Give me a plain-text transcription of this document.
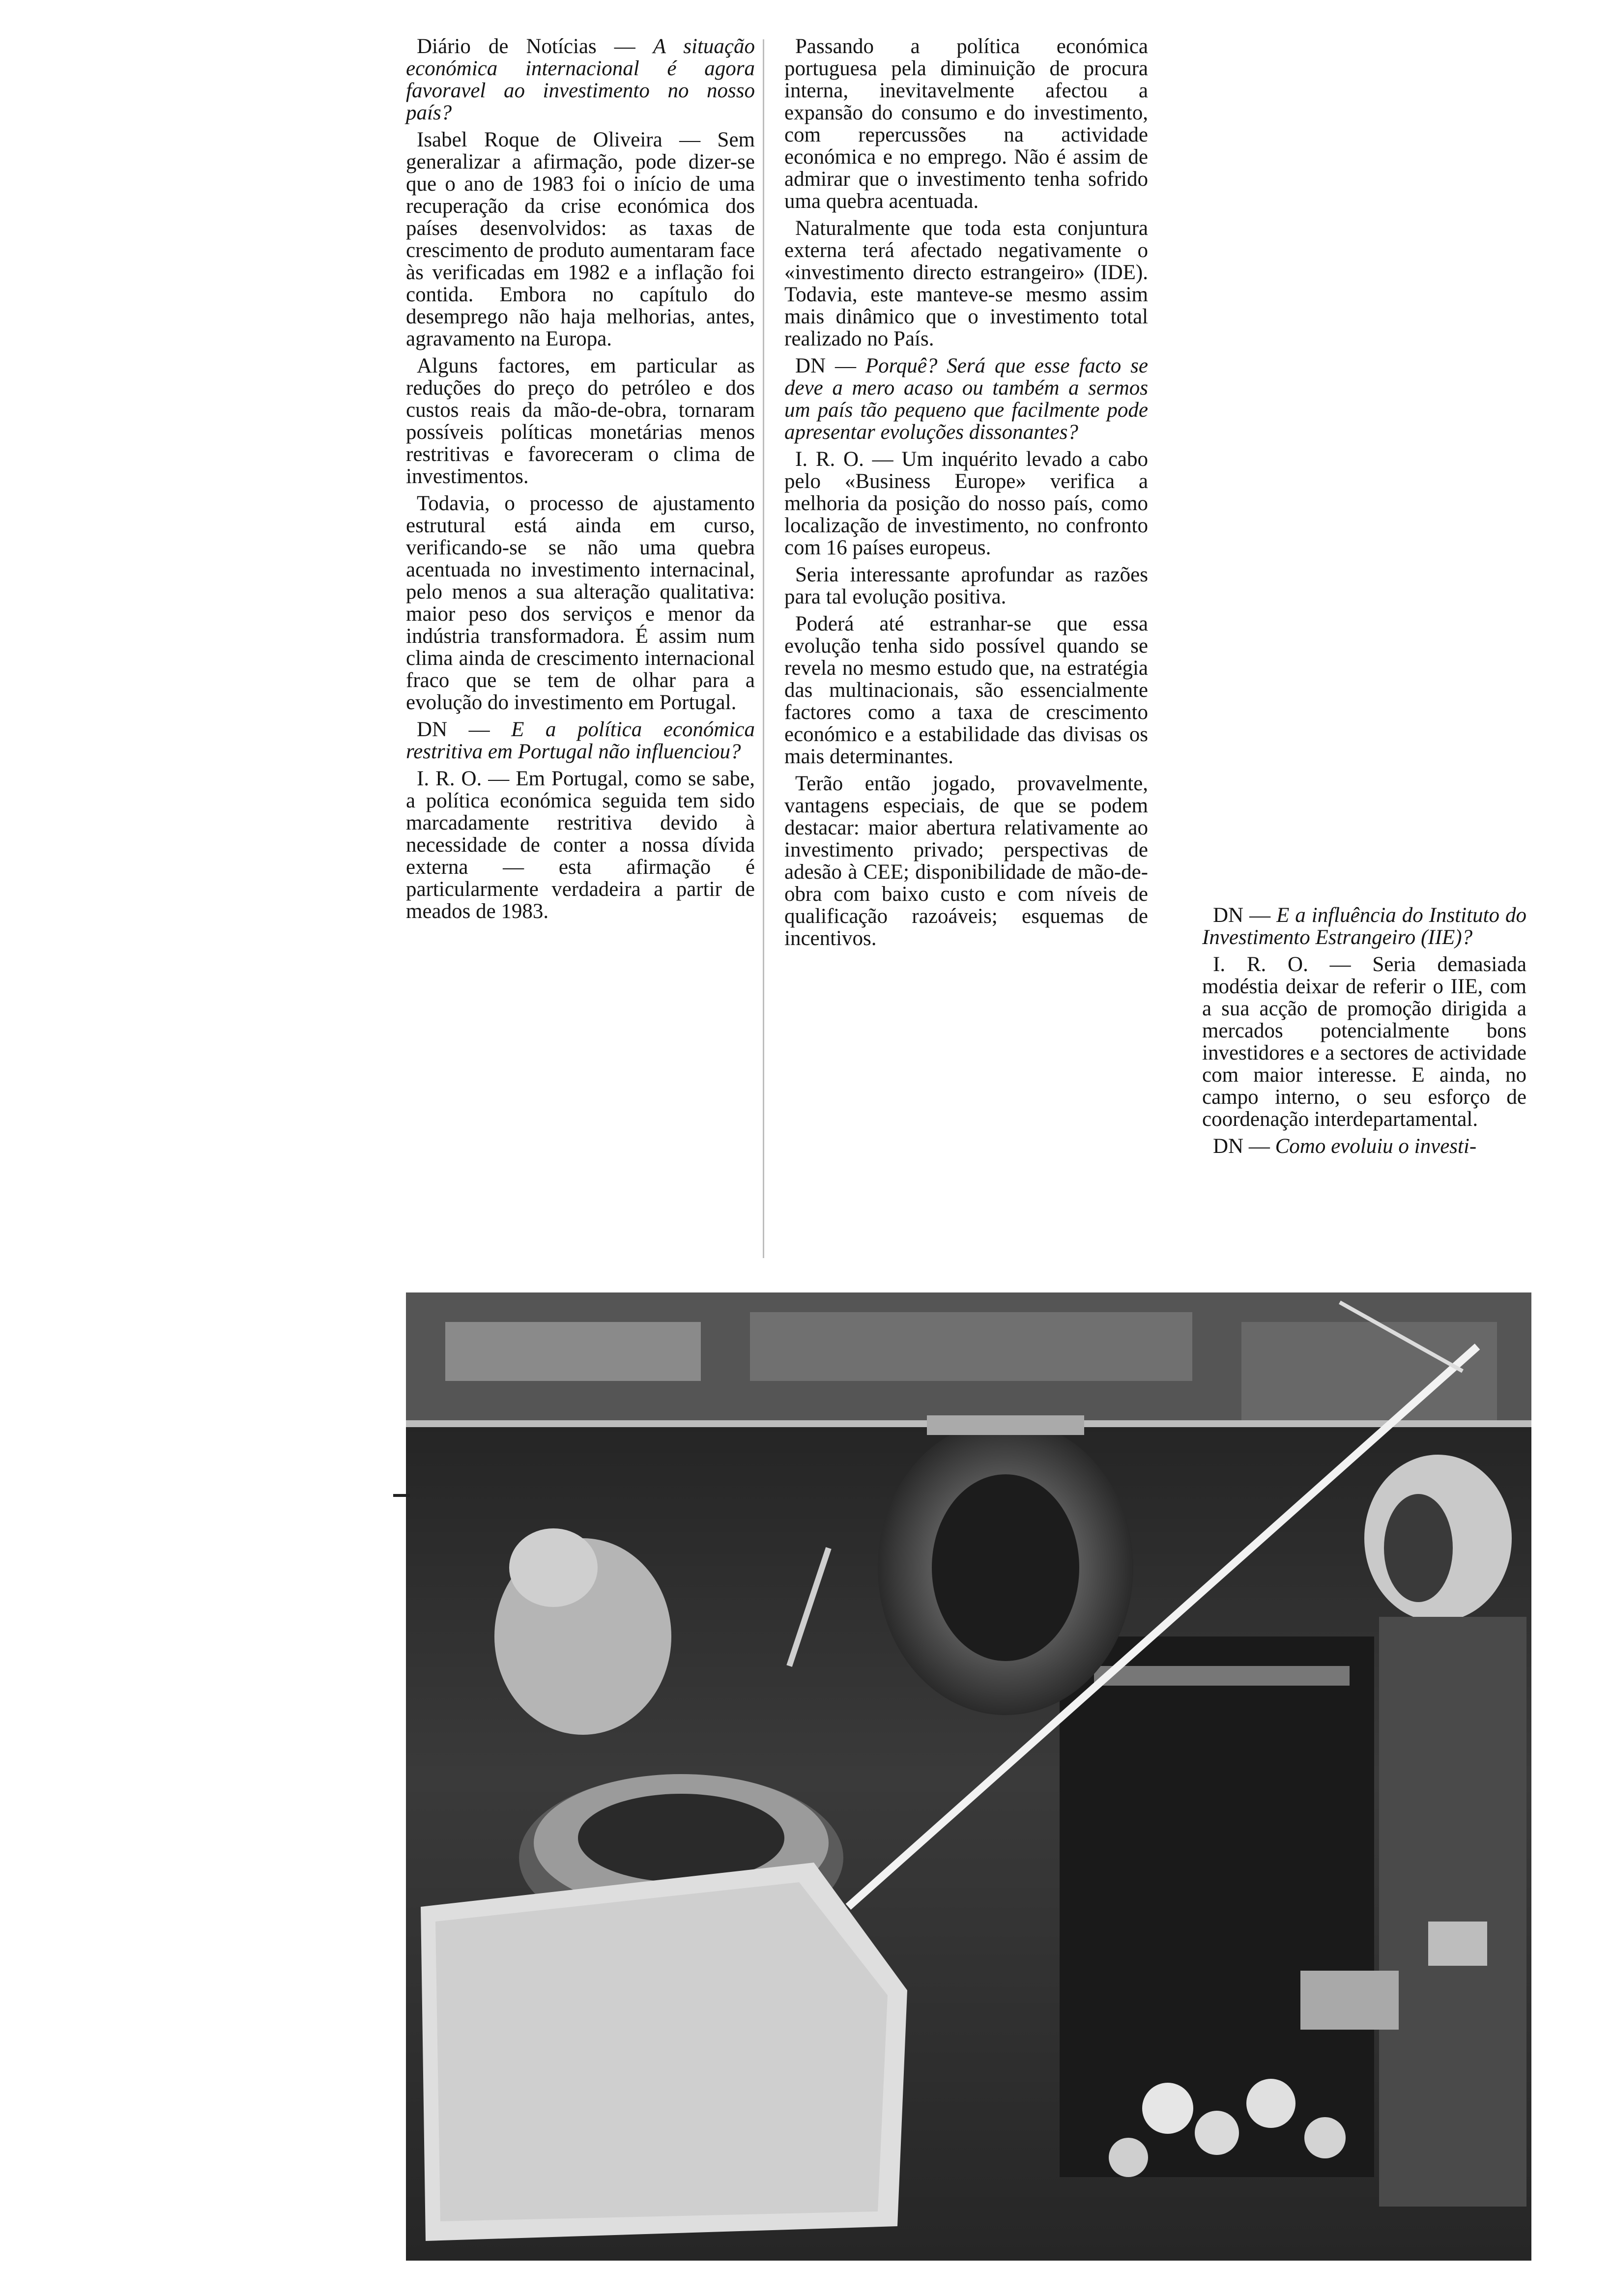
Diário de Notícias — A situação económica internacional é agora favoravel ao investimento no nosso país?

Isabel Roque de Oliveira — Sem generalizar a afirmação, pode dizer-se que o ano de 1983 foi o início de uma recuperação da crise económica dos países desenvolvidos: as taxas de crescimento de produto aumentaram face às verificadas em 1982 e a inflação foi contida. Embora no capítulo do desemprego não haja melhorias, antes, agravamento na Europa.

Alguns factores, em particular as reduções do preço do petróleo e dos custos reais da mão-de-obra, tornaram possíveis políticas monetárias menos restritivas e favoreceram o clima de investimentos.

Todavia, o processo de ajustamento estrutural está ainda em curso, verificando-se se não uma quebra acentuada no investimento internacinal, pelo menos a sua alteração qualitativa: maior peso dos serviços e menor da indústria transformadora. É assim num clima ainda de crescimento internacional fraco que se tem de olhar para a evolução do investimento em Portugal.

DN — E a política económica restritiva em Portugal não influenciou?

I. R. O. — Em Portugal, como se sabe, a política económica seguida tem sido marcadamente restritiva devido à necessidade de conter a nossa dívida externa — esta afirmação é particularmente verdadeira a partir de meados de 1983.

Passando a política económica portuguesa pela diminuição de procura interna, inevitavelmente afectou a expansão do consumo e do investimento, com repercussões na actividade económica e no emprego. Não é assim de admirar que o investimento tenha sofrido uma quebra acentuada.

Naturalmente que toda esta conjuntura externa terá afectado negativamente o «investimento directo estrangeiro» (IDE). Todavia, este manteve-se mesmo assim mais dinâmico que o investimento total realizado no País.

DN — Porquê? Será que esse facto se deve a mero acaso ou também a sermos um país tão pequeno que facilmente pode apresentar evoluções dissonantes?

I. R. O. — Um inquérito levado a cabo pelo «Business Europe» verifica a melhoria da posição do nosso país, como localização de investimento, no confronto com 16 países europeus.

Seria interessante aprofundar as razões para tal evolução positiva.

Poderá até estranhar-se que essa evolução tenha sido possível quando se revela no mesmo estudo que, na estratégia das multinacionais, são essencialmente factores como a taxa de crescimento económico e a estabilidade das divisas os mais determinantes.

Terão então jogado, provavelmente, vantagens especiais, de que se podem destacar: maior abertura relativamente ao investimento privado; perspectivas de adesão à CEE; disponibilidade de mão-de-obra com baixo custo e com níveis de qualificação razoáveis; esquemas de incentivos.

DN — E a influência do Instituto do Investimento Estrangeiro (IIE)?

I. R. O. — Seria demasiada modéstia deixar de referir o IIE, com a sua acção de promoção dirigida a mercados potencialmente bons investidores e a sectores de actividade com maior interesse. E ainda, no campo interno, o seu esforço de coordenação interdepartamental.

DN — Como evoluiu o investi-
